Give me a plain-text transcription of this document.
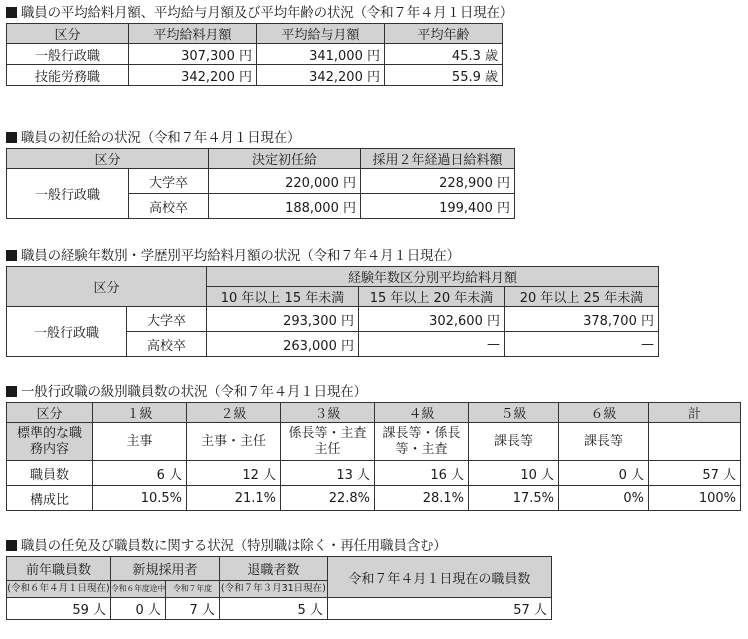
職員の平均給料月額、平均給与月額及び平均年齢の状況（令和７年４月１日現在）
区分	平均給料月額	平均給与月額	平均年齢
一般行政職	307,300 円	341,000 円	45.3 歳
技能労務職	342,200 円	342,200 円	55.9 歳
職員の初任給の状況（令和７年４月１日現在）
区分		決定初任給	採用２年経過日給料額
一般行政職	大学卒	220,000 円	228,900 円
	高校卒	188,000 円	199,400 円
職員の経験年数別・学歴別平均給料月額の状況（令和７年４月１日現在）
区分		経験年数区分別平均給料月額		
		10 年以上 15 年未満	15 年以上 20 年未満	20 年以上 25 年未満
一般行政職	大学卒	293,300 円	302,600 円	378,700 円
	高校卒	263,000 円	—	—
一般行政職の級別職員数の状況（令和７年４月１日現在）
区分	１級	２級	３級	４級	５級	６級	計
標準的な職務内容	主事	主事・主任	係長等・主査主任	課長等・係長等・主査	課長等	課長等	
職員数	6 人	12 人	13 人	16 人	10 人	0 人	57 人
構成比	10.5%	21.1%	22.8%	28.1%	17.5%	0%	100%
職員の任免及び職員数に関する状況（特別職は除く・再任用職員含む）
前年職員数	新規採用者		退職者数	令和７年４月１日現在の職員数
(令和６年４月１日現在)	令和６年度途中	令和７年度	(令和７年３月31日現在)	
59 人	0 人	7 人	5 人	57 人
